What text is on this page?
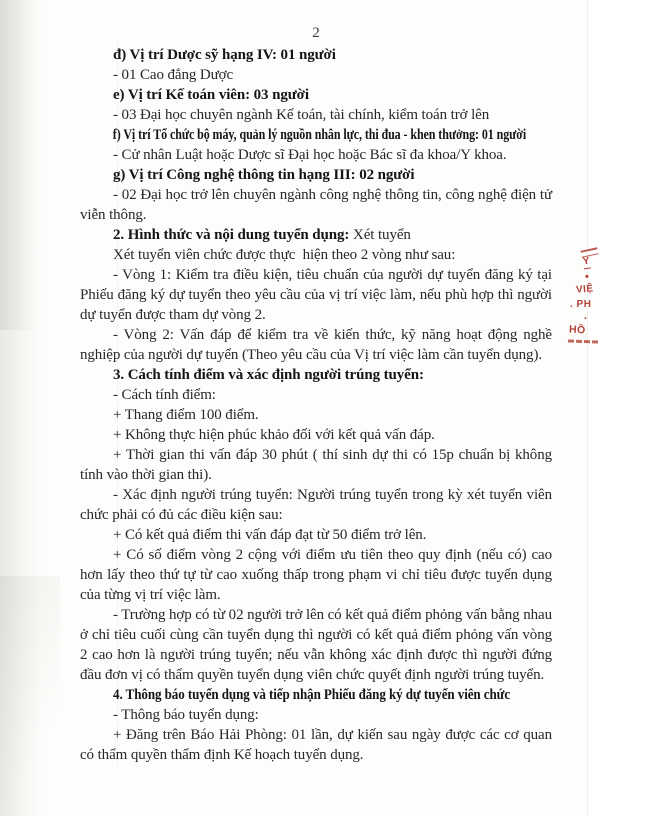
2

đ) Vị trí Dược sỹ hạng IV: 01 người

- 01 Cao đẳng Dược

e) Vị trí Kế toán viên: 03 người

- 03 Đại học chuyên ngành Kế toán, tài chính, kiểm toán trở lên

f) Vị trí Tổ chức bộ máy, quản lý nguồn nhân lực, thi đua - khen thưởng: 01 người

- Cử nhân Luật hoặc Dược sĩ Đại học hoặc Bác sĩ đa khoa/Y khoa.

g) Vị trí Công nghệ thông tin hạng III: 02 người

- 02 Đại học trở lên chuyên ngành công nghệ thông tin, công nghệ điện tử viễn thông.

2. Hình thức và nội dung tuyển dụng: Xét tuyển

Xét tuyển viên chức được thực  hiện theo 2 vòng như sau:

- Vòng 1: Kiểm tra điều kiện, tiêu chuẩn của người dự tuyển đăng ký tại Phiếu đăng ký dự tuyển theo yêu cầu của vị trí việc làm, nếu phù hợp thì người dự tuyển được tham dự vòng 2.

- Vòng 2: Vấn đáp để kiểm tra về kiến thức, kỹ năng hoạt động nghề nghiệp của người dự tuyển (Theo yêu cầu của Vị trí việc làm cần tuyển dụng).

3. Cách tính điểm và xác định người trúng tuyển:

- Cách tính điểm:

+ Thang điểm 100 điểm.

+ Không thực hiện phúc khảo đối với kết quả vấn đáp.

+ Thời gian thi vấn đáp 30 phút ( thí sinh dự thi có 15p chuẩn bị không tính vào thời gian thi).

- Xác định người trúng tuyển: Người trúng tuyển trong kỳ xét tuyển viên chức phải có đủ các điều kiện sau:

+ Có kết quả điểm thi vấn đáp đạt từ 50 điểm trở lên.

+ Có số điểm vòng 2 cộng với điểm ưu tiên theo quy định (nếu có) cao hơn lấy theo thứ tự từ cao xuống thấp trong phạm vi chỉ tiêu được tuyển dụng của từng vị trí việc làm.

- Trường hợp có từ 02 người trở lên có kết quả điểm phỏng vấn bằng nhau ở chỉ tiêu cuối cùng cần tuyển dụng thì người có kết quả điểm phỏng vấn vòng 2 cao hơn là người trúng tuyển; nếu vẫn không xác định được thì người đứng đầu đơn vị có thẩm quyền tuyển dụng viên chức quyết định người trúng tuyển.

4. Thông báo tuyển dụng và tiếp nhận Phiếu đăng ký dự tuyển viên chức

- Thông báo tuyển dụng:

+ Đăng trên Báo Hải Phòng: 01 lần, dự kiến sau ngày được các cơ quan có thẩm quyền thẩm định Kế hoạch tuyển dụng.

Y
•
VIỆ
. PH
.
HỒ
